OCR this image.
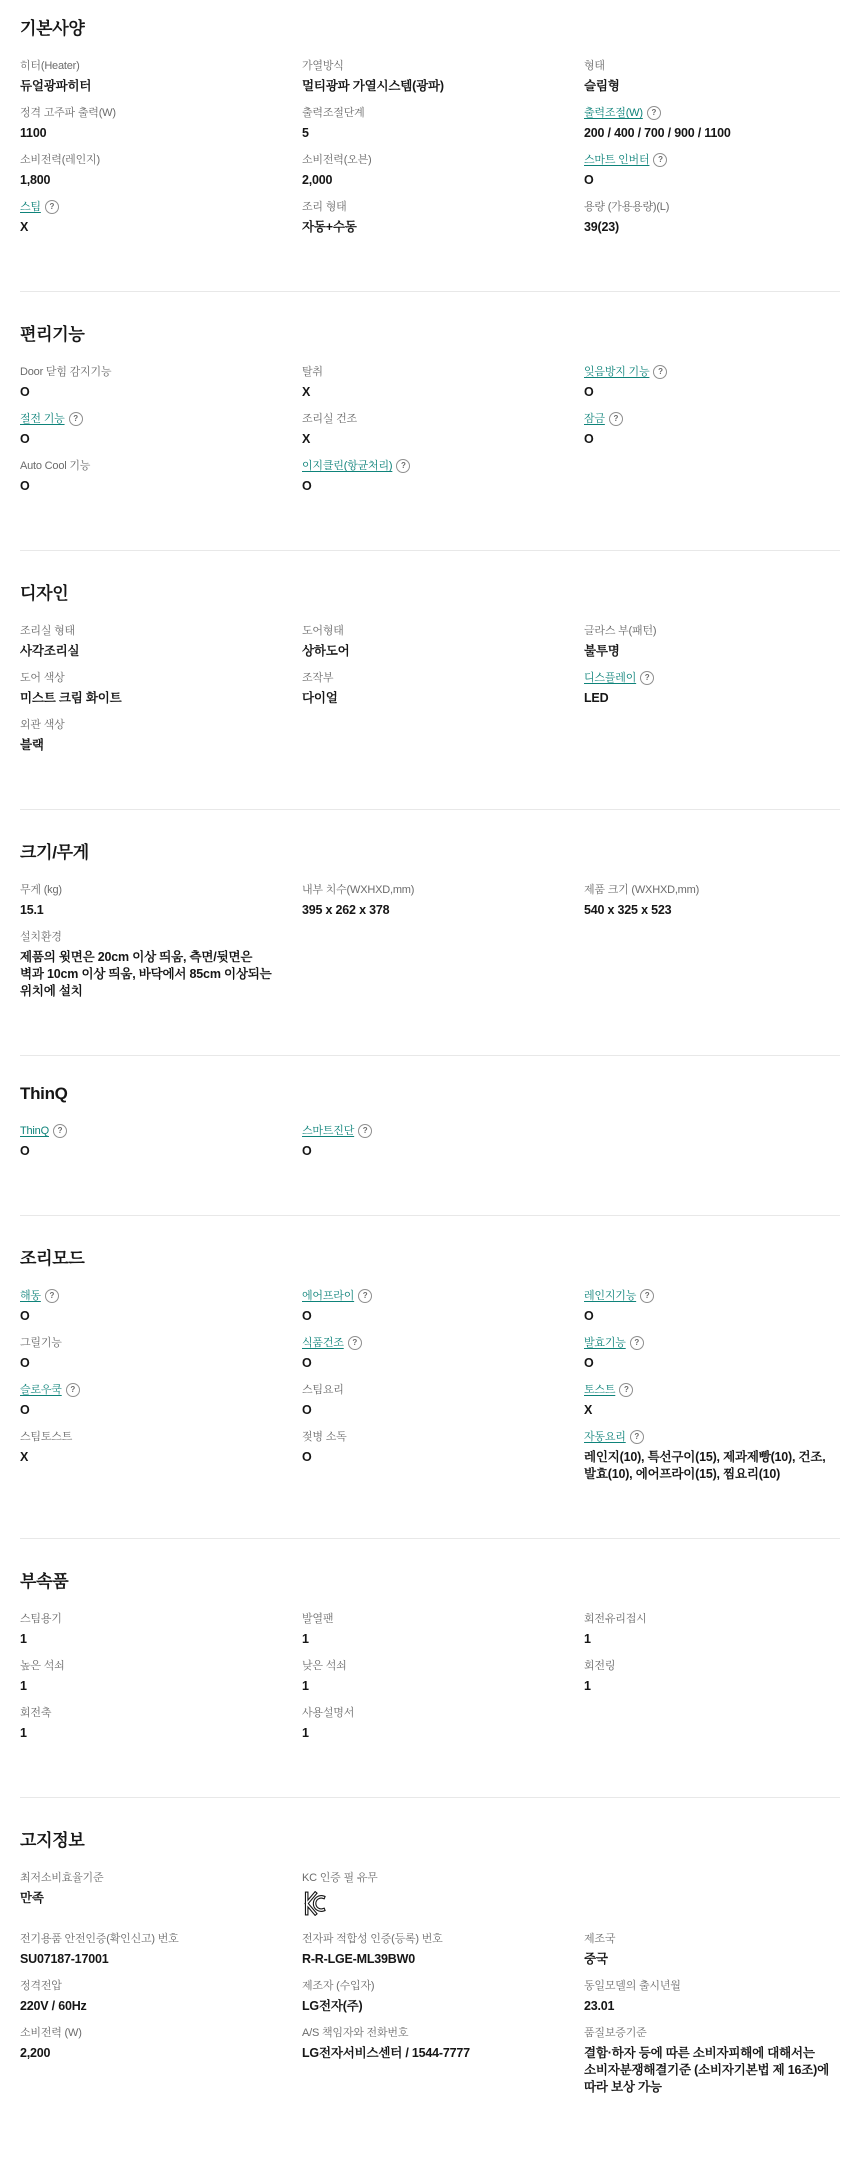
기본사양
히터(Heater)
듀얼광파히터
가열방식
멀티광파 가열시스템(광파)
형태
슬림형
정격 고주파 출력(W)
1100
출력조절단계
5
출력조절(W) ?
200 / 400 / 700 / 900 / 1100
소비전력(레인지)
1,800
소비전력(오븐)
2,000
스마트 인버터 ?
O
스팀 ?
X
조리 형태
자동+수동
용량 (가용용량)(L)
39(23)
편리기능
Door 닫힘 감지기능
O
탈취
X
잊음방지 기능 ?
O
절전 기능 ?
O
조리실 건조
X
잠금 ?
O
Auto Cool 기능
O
이지클린(항균처리) ?
O
디자인
조리실 형태
사각조리실
도어형태
상하도어
글라스 부(패턴)
불투명
도어 색상
미스트 크림 화이트
조작부
다이얼
디스플레이 ?
LED
외관 색상
블랙
크기/무게
무게 (kg)
15.1
내부 치수(WXHXD,mm)
395 x 262 x 378
제품 크기 (WXHXD,mm)
540 x 325 x 523
설치환경
제품의 윗면은 20cm 이상 띄움, 측면/뒷면은 벽과 10cm 이상 띄움, 바닥에서 85cm 이상되는 위치에 설치
ThinQ
ThinQ ?
O
스마트진단 ?
O
조리모드
해동 ?
O
에어프라이 ?
O
레인지기능 ?
O
그릴기능
O
식품건조 ?
O
발효기능 ?
O
슬로우쿡 ?
O
스팀요리
O
토스트 ?
X
스팀토스트
X
젖병 소독
O
자동요리 ?
레인지(10), 특선구이(15), 제과제빵(10), 건조, 발효(10), 에어프라이(15), 찜요리(10)
부속품
스팀용기
1
발열팬
1
회전유리접시
1
높은 석쇠
1
낮은 석쇠
1
회전링
1
회전축
1
사용설명서
1
고지정보
최저소비효율기준
만족
KC 인증 필 유무
전기용품 안전인증(확인신고) 번호
SU07187-17001
전자파 적합성 인증(등록) 번호
R-R-LGE-ML39BW0
제조국
중국
정격전압
220V / 60Hz
제조자 (수입자)
LG전자(주)
동일모델의 출시년월
23.01
소비전력 (W)
2,200
A/S 책임자와 전화번호
LG전자서비스센터 / 1544-7777
품질보증기준
결함·하자 등에 따른 소비자피해에 대해서는 소비자분쟁해결기준 (소비자기본법 제 16조)에 따라 보상 가능
